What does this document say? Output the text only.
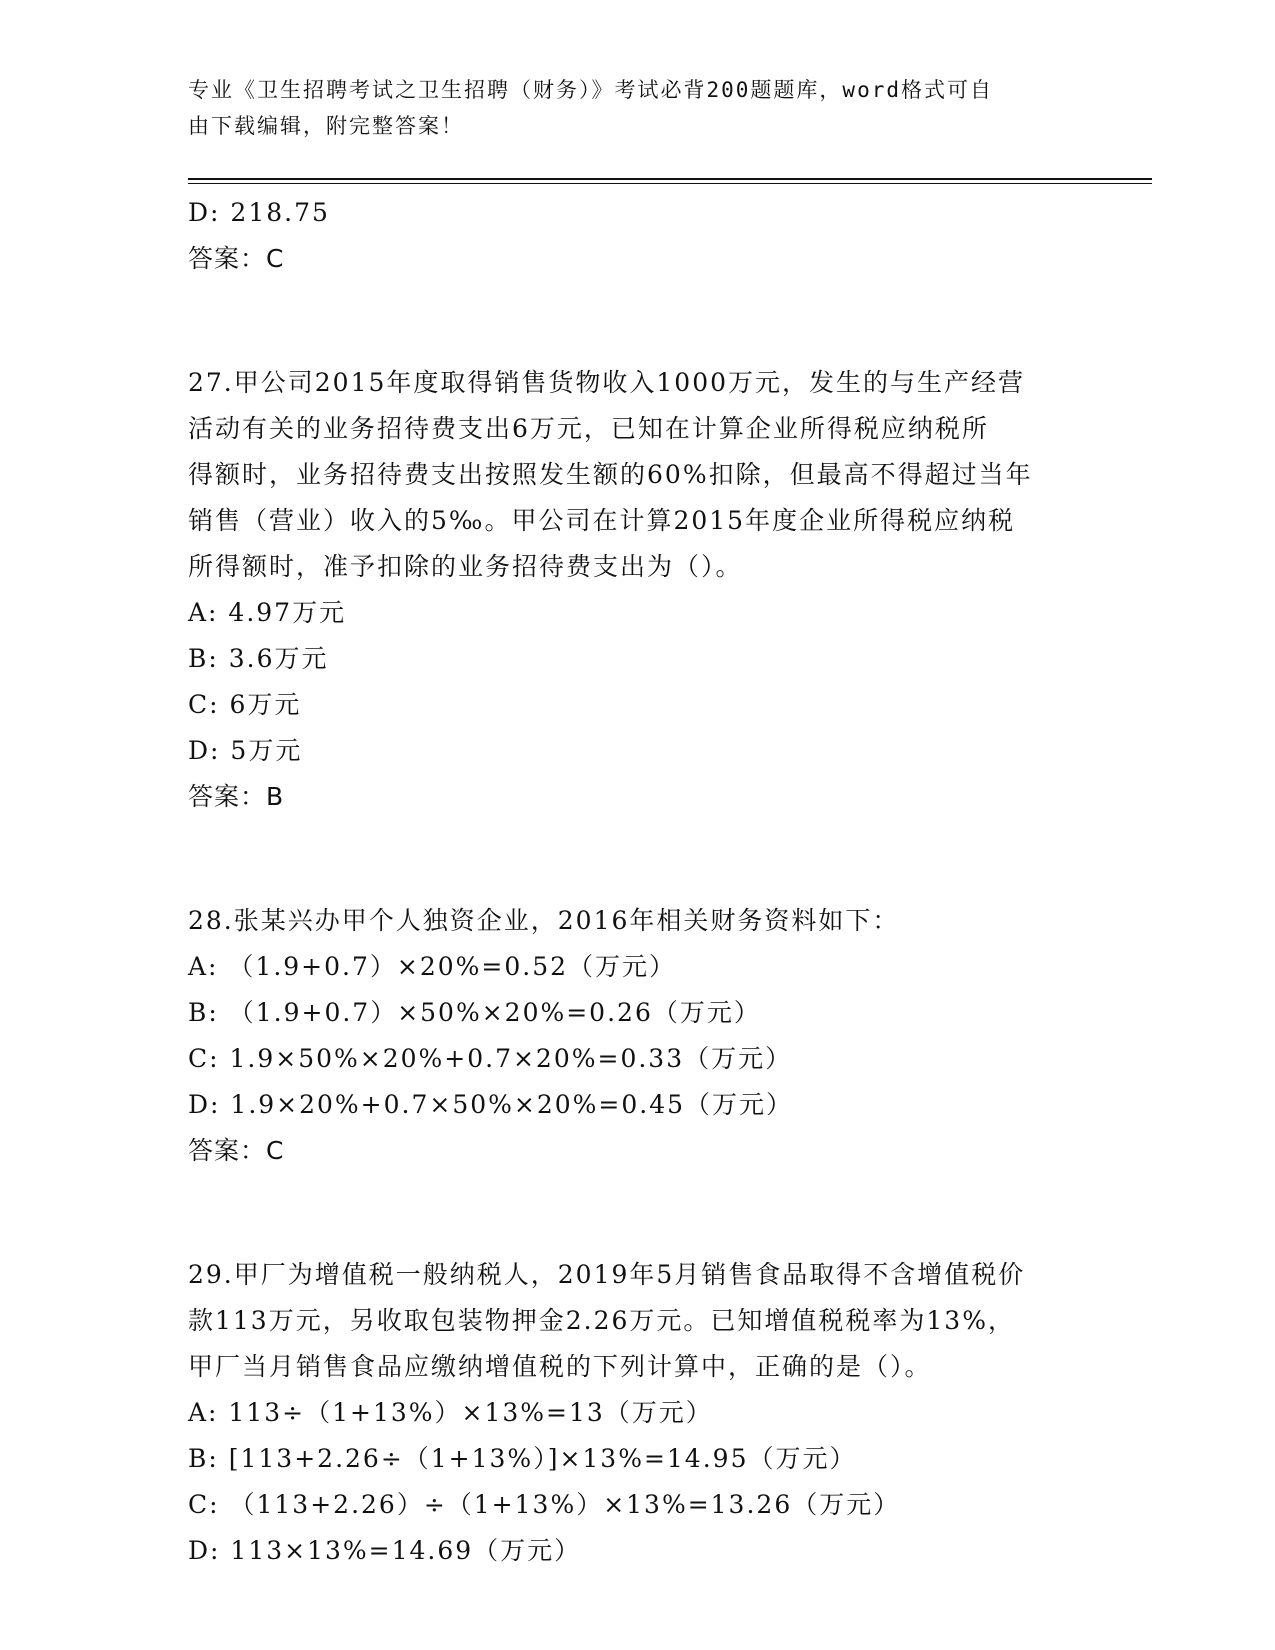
专业《卫生招聘考试之卫生招聘（财务）》考试必背200题题库，word格式可自
由下载编辑，附完整答案！
D: 218.75
答案：C
27.甲公司2015年度取得销售货物收入1000万元，发生的与生产经营
活动有关的业务招待费支出6万元，已知在计算企业所得税应纳税所
得额时，业务招待费支出按照发生额的60%扣除，但最高不得超过当年
销售（营业）收入的5‰。甲公司在计算2015年度企业所得税应纳税
所得额时，准予扣除的业务招待费支出为（）。
A: 4.97万元
B: 3.6万元
C: 6万元
D: 5万元
答案：B
28.张某兴办甲个人独资企业，2016年相关财务资料如下：
A: （1.9+0.7）×20%=0.52（万元）
B: （1.9+0.7）×50%×20%=0.26（万元）
C: 1.9×50%×20%+0.7×20%=0.33（万元）
D: 1.9×20%+0.7×50%×20%=0.45（万元）
答案：C
29.甲厂为增值税一般纳税人，2019年5月销售食品取得不含增值税价
款113万元，另收取包装物押金2.26万元。已知增值税税率为13%，
甲厂当月销售食品应缴纳增值税的下列计算中，正确的是（）。
A: 113÷（1+13%）×13%=13（万元）
B: [113+2.26÷（1+13%）]×13%=14.95（万元）
C: （113+2.26）÷（1+13%）×13%=13.26（万元）
D: 113×13%=14.69（万元）
